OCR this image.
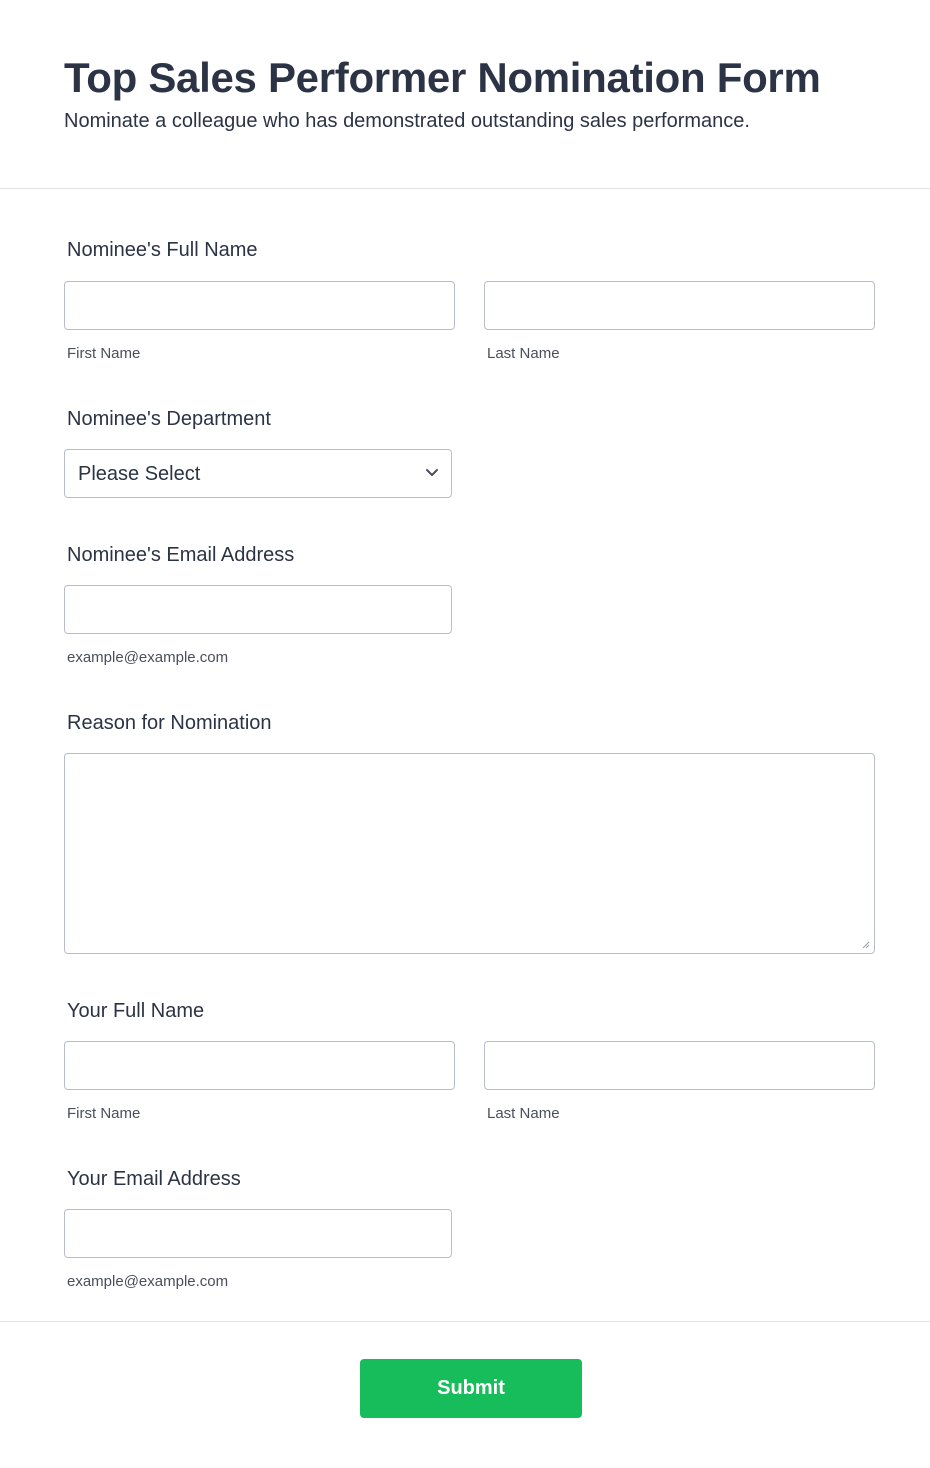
Top Sales Performer Nomination Form

Nominate a colleague who has demonstrated outstanding sales performance.

Nominee's Full Name
First Name	Last Name
Nominee's Department
Please Select
Nominee's Email Address
example@example.com
Reason for Nomination
Your Full Name
First Name	Last Name
Your Email Address
example@example.com
Submit
